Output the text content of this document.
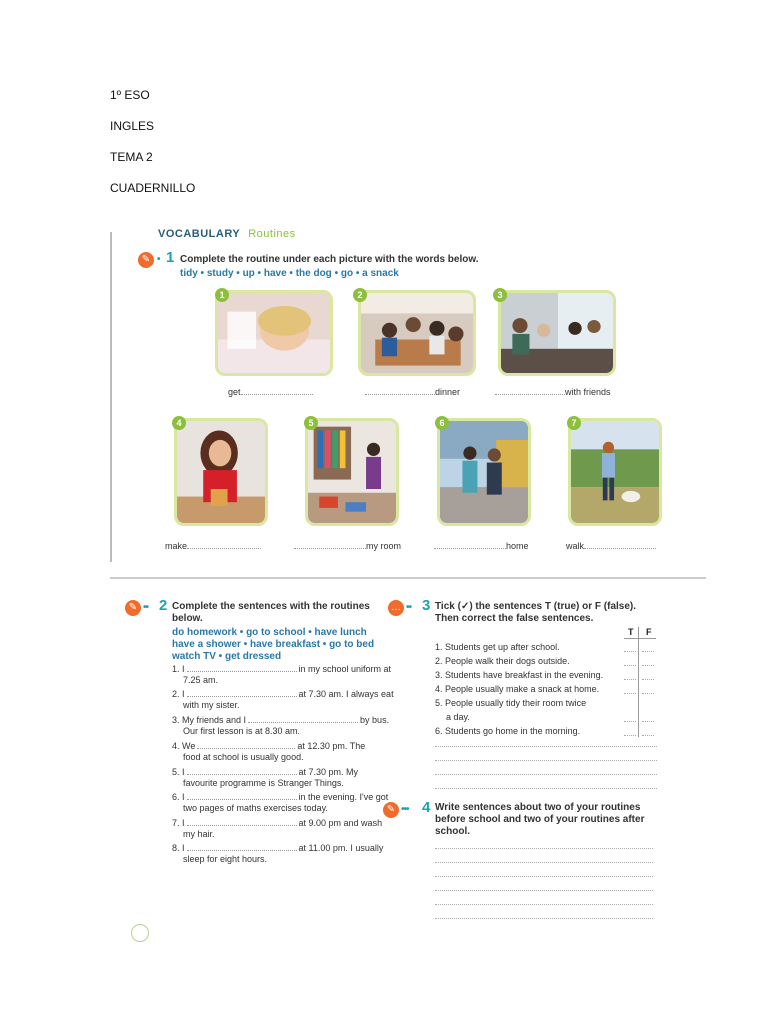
1º ESO
INGLES
TEMA 2
CUADERNILLO
VOCABULARY Routines
✎ • 1 Complete the routine under each picture with the words below.
tidy • study • up • have • the dog • go • a snack
1	2	3
get	dinner	with friends
4	5	6	7
make	my room	home	walk
✎ •• 2 Complete the sentences with the routines
below.
do homework • go to school • have lunch
have a shower • have breakfast • go to bed
watch TV • get dressed
1. I	in my school uniform at
7.25 am.
2. I	at 7.30 am. I always eat
with my sister.
3. My friends and I	by bus.
Our first lesson is at 8.30 am.
4. We	at 12.30 pm. The
food at school is usually good.
5. I	at 7.30 pm. My
favourite programme is Stranger Things.
6. I	in the evening. I've got
two pages of maths exercises today.
7. I	at 9.00 pm and wash
my hair.
8. I	at 11.00 pm. I usually
sleep for eight hours.
… •• 3 Tick (✓) the sentences T (true) or F (false).
Then correct the false sentences.
T F
1. Students get up after school.
2. People walk their dogs outside.
3. Students have breakfast in the evening.
4. People usually make a snack at home.
5. People usually tidy their room twice
a day.
6. Students go home in the morning.
✎ ••• 4 Write sentences about two of your routines
before school and two of your routines after
school.
